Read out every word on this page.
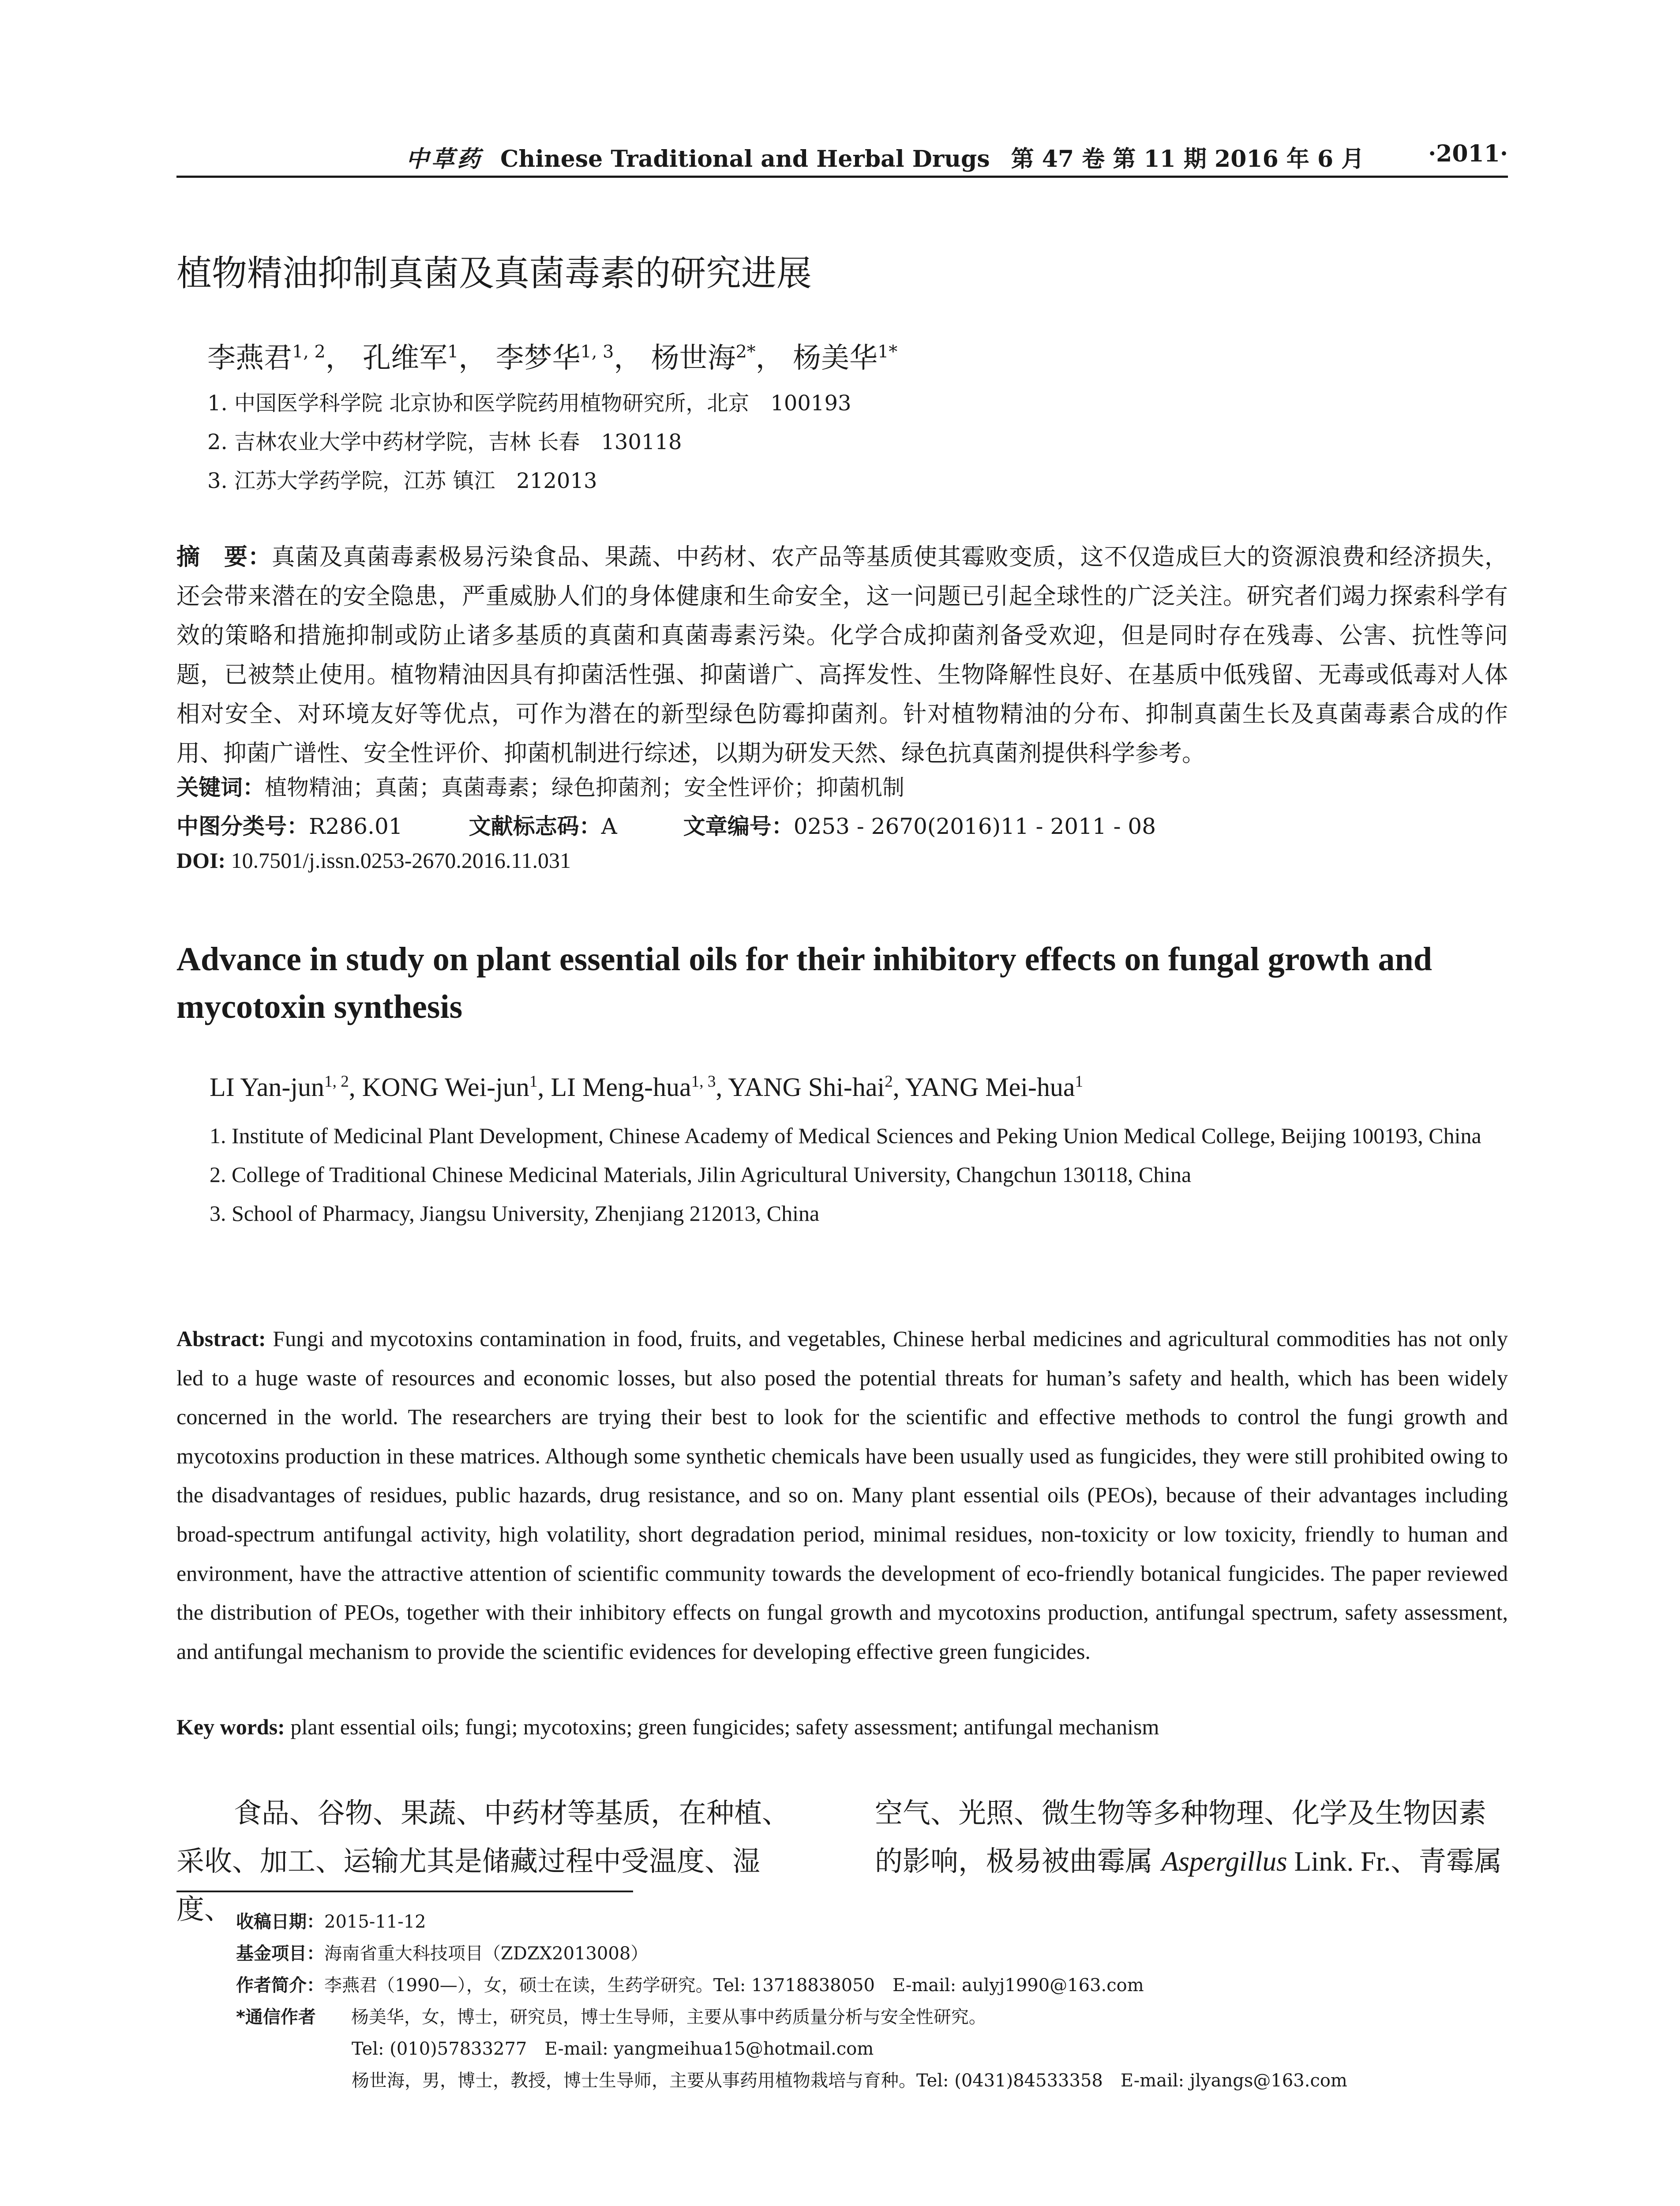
中草药 Chinese Traditional and Herbal Drugs 第 47 卷 第 11 期 2016 年 6 月	·2011·
植物精油抑制真菌及真菌毒素的研究进展
李燕君$^{1, 2}$， 孔维军$^1$， 李梦华$^{1, 3}$， 杨世海$^{2*}$， 杨美华$^{1*}$
1. 中国医学科学院 北京协和医学院药用植物研究所，北京　100193
2. 吉林农业大学中药材学院，吉林 长春　130118
3. 江苏大学药学院，江苏 镇江　212013
摘　要：真菌及真菌毒素极易污染食品、果蔬、中药材、农产品等基质使其霉败变质，这不仅造成巨大的资源浪费和经济损失，还会带来潜在的安全隐患，严重威胁人们的身体健康和生命安全，这一问题已引起全球性的广泛关注。研究者们竭力探索科学有效的策略和措施抑制或防止诸多基质的真菌和真菌毒素污染。化学合成抑菌剂备受欢迎，但是同时存在残毒、公害、抗性等问题，已被禁止使用。植物精油因具有抑菌活性强、抑菌谱广、高挥发性、生物降解性良好、在基质中低残留、无毒或低毒对人体相对安全、对环境友好等优点，可作为潜在的新型绿色防霉抑菌剂。针对植物精油的分布、抑制真菌生长及真菌毒素合成的作用、抑菌广谱性、安全性评价、抑菌机制进行综述，以期为研发天然、绿色抗真菌剂提供科学参考。
关键词：植物精油；真菌；真菌毒素；绿色抑菌剂；安全性评价；抑菌机制
中图分类号：R286.01	文献标志码：A	文章编号：0253 - 2670(2016)11 - 2011 - 08
DOI: 10.7501/j.issn.0253-2670.2016.11.031
Advance in study on plant essential oils for their inhibitory effects on fungal growth and mycotoxin synthesis
LI Yan-jun$^{1, 2}$, KONG Wei-jun$^1$, LI Meng-hua$^{1, 3}$, YANG Shi-hai$^2$, YANG Mei-hua$^1$
1. Institute of Medicinal Plant Development, Chinese Academy of Medical Sciences and Peking Union Medical College, Beijing 100193, China
2. College of Traditional Chinese Medicinal Materials, Jilin Agricultural University, Changchun 130118, China
3. School of Pharmacy, Jiangsu University, Zhenjiang 212013, China
Abstract: Fungi and mycotoxins contamination in food, fruits, and vegetables, Chinese herbal medicines and agricultural commodities has not only led to a huge waste of resources and economic losses, but also posed the potential threats for human’s safety and health, which has been widely concerned in the world. The researchers are trying their best to look for the scientific and effective methods to control the fungi growth and mycotoxins production in these matrices. Although some synthetic chemicals have been usually used as fungicides, they were still prohibited owing to the disadvantages of residues, public hazards, drug resistance, and so on. Many plant essential oils (PEOs), because of their advantages including broad-spectrum antifungal activity, high volatility, short degradation period, minimal residues, non-toxicity or low toxicity, friendly to human and environment, have the attractive attention of scientific community towards the development of eco-friendly botanical fungicides. The paper reviewed the distribution of PEOs, together with their inhibitory effects on fungal growth and mycotoxins production, antifungal spectrum, safety assessment, and antifungal mechanism to provide the scientific evidences for developing effective green fungicides.
Key words: plant essential oils; fungi; mycotoxins; green fungicides; safety assessment; antifungal mechanism
食品、谷物、果蔬、中药材等基质，在种植、采收、加工、运输尤其是储藏过程中受温度、湿度、
空气、光照、微生物等多种物理、化学及生物因素的影响，极易被曲霉属 Aspergillus Link. Fr.、青霉属
收稿日期：2015-11-12
基金项目：海南省重大科技项目（ZDZX2013008）
作者简介：李燕君（1990—），女，硕士在读，生药学研究。Tel: 13718838050　E-mail: aulyj1990@163.com
*通信作者　　 杨美华，女，博士，研究员，博士生导师，主要从事中药质量分析与安全性研究。
Tel: (010)57833277　E-mail: yangmeihua15@hotmail.com
杨世海，男，博士，教授，博士生导师，主要从事药用植物栽培与育种。Tel: (0431)84533358　E-mail: jlyangs@163.com
